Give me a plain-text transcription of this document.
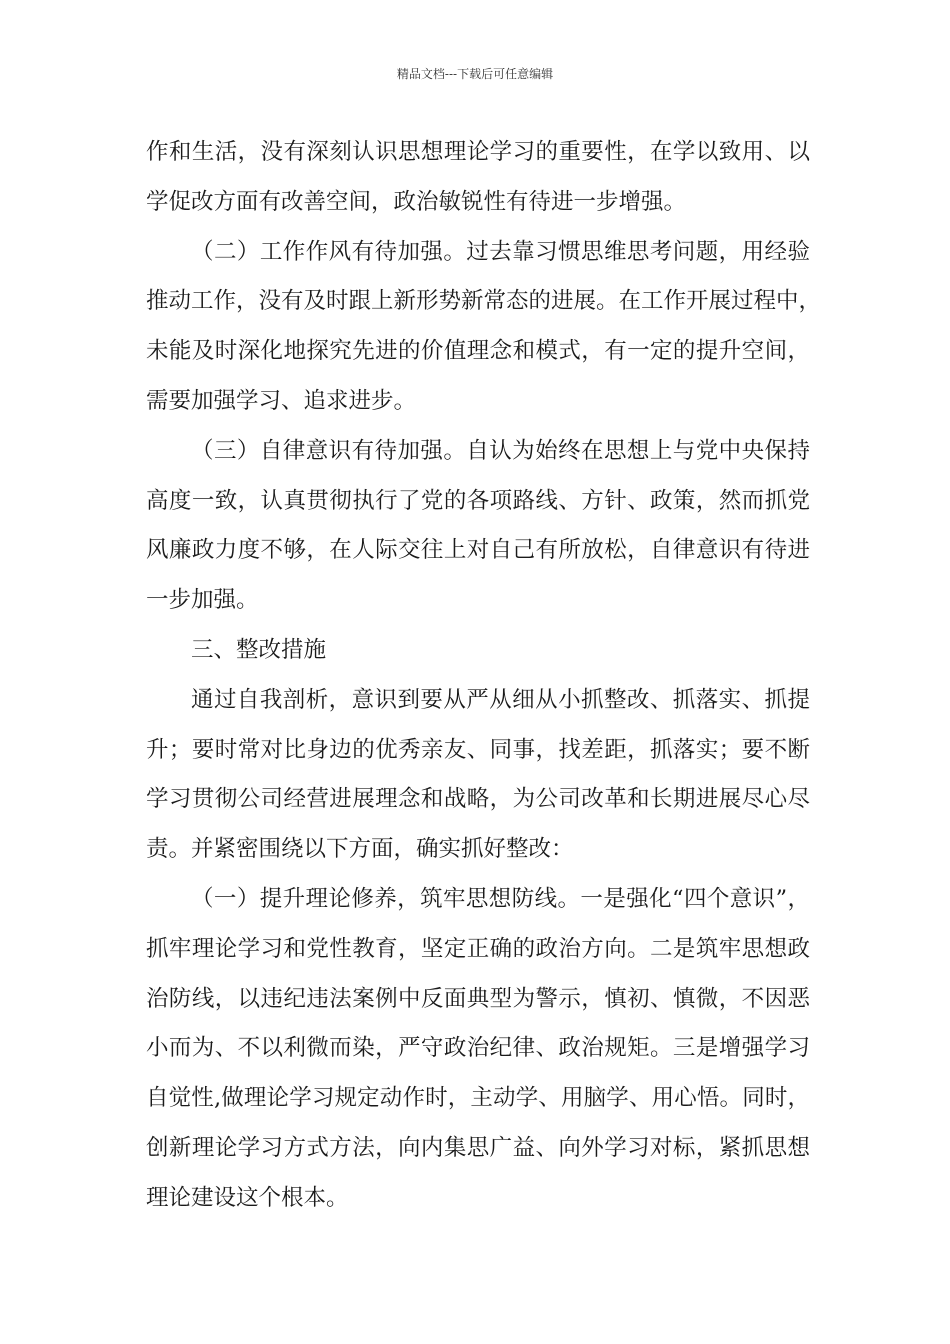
精品文档---下载后可任意编辑
作和生活，没有深刻认识思想理论学习的重要性，在学以致用、以
学促改方面有改善空间，政治敏锐性有待进一步增强。
（二）工作作风有待加强。过去靠习惯思维思考问题，用经验
推动工作，没有及时跟上新形势新常态的进展。在工作开展过程中，
未能及时深化地探究先进的价值理念和模式，有一定的提升空间，
需要加强学习、追求进步。
（三）自律意识有待加强。自认为始终在思想上与党中央保持
高度一致，认真贯彻执行了党的各项路线、方针、政策，然而抓党
风廉政力度不够，在人际交往上对自己有所放松，自律意识有待进
一步加强。
三、整改措施
通过自我剖析，意识到要从严从细从小抓整改、抓落实、抓提
升；要时常对比身边的优秀亲友、同事，找差距，抓落实；要不断
学习贯彻公司经营进展理念和战略，为公司改革和长期进展尽心尽
责。并紧密围绕以下方面，确实抓好整改：
（一）提升理论修养，筑牢思想防线。一是强化“四个意识”，
抓牢理论学习和党性教育，坚定正确的政治方向。二是筑牢思想政
治防线，以违纪违法案例中反面典型为警示，慎初、慎微，不因恶
小而为、不以利微而染，严守政治纪律、政治规矩。三是增强学习
自觉性,做理论学习规定动作时，主动学、用脑学、用心悟。同时，
创新理论学习方式方法，向内集思广益、向外学习对标，紧抓思想
理论建设这个根本。
